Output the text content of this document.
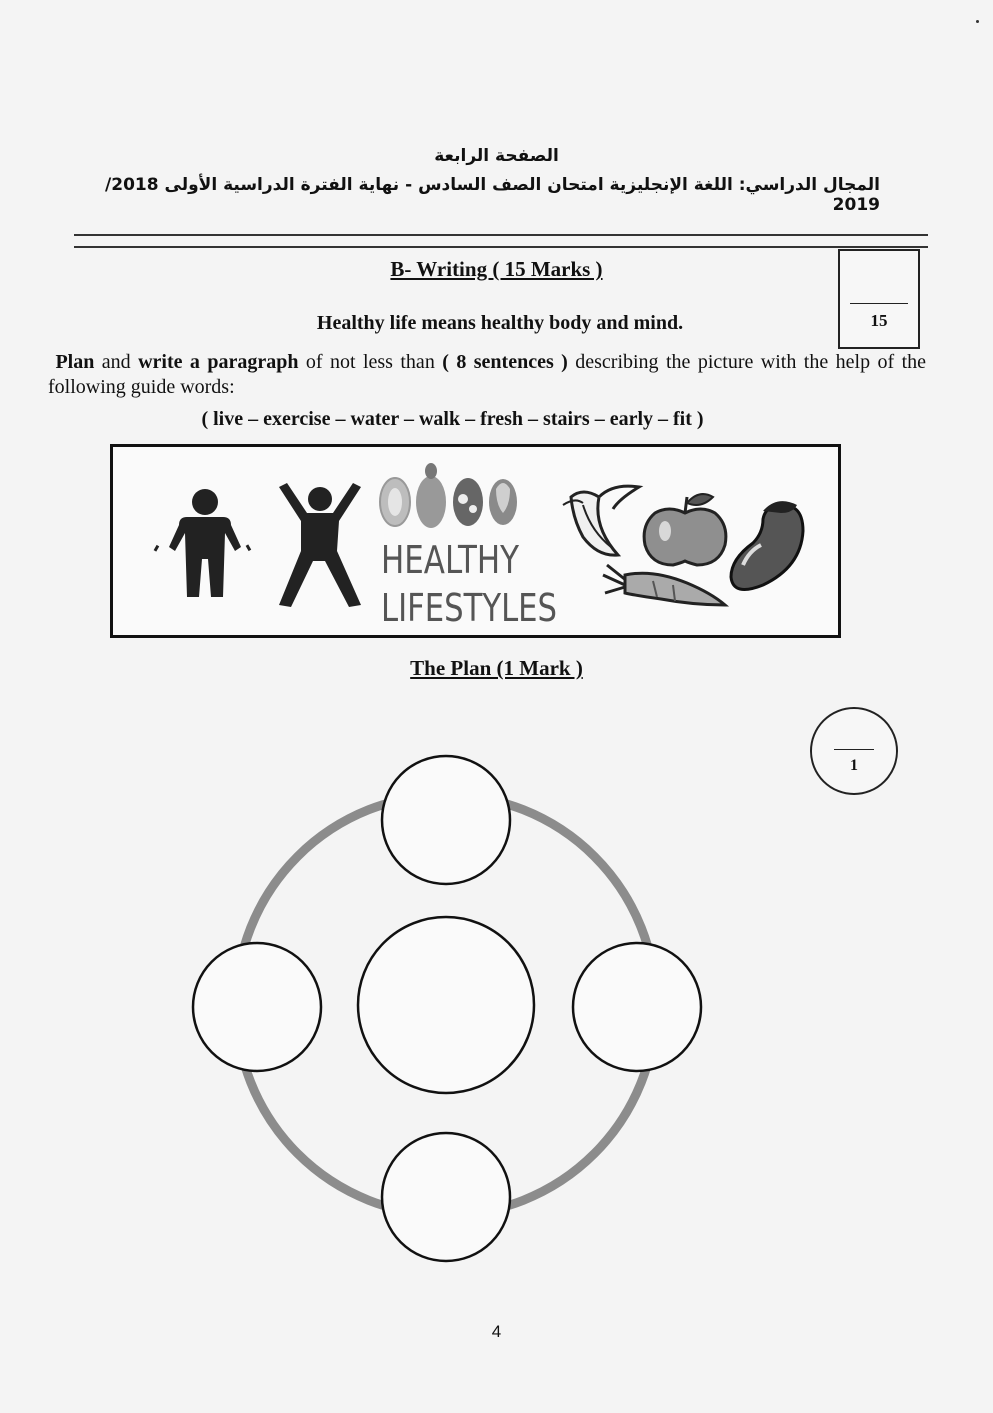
الصفحة الرابعة
المجال الدراسي: اللغة الإنجليزية امتحان الصف السادس - نهاية الفترة الدراسية الأولى 2018/ 2019
B- Writing ( 15 Marks )
15
Healthy life means healthy body and mind.
Plan and write a paragraph of not less than ( 8 sentences ) describing the picture with the help of the following guide words:
( live – exercise – water – walk – fresh – stairs – early – fit )
HEALTHY
LIFESTYLES
The Plan (1 Mark )
1
4
